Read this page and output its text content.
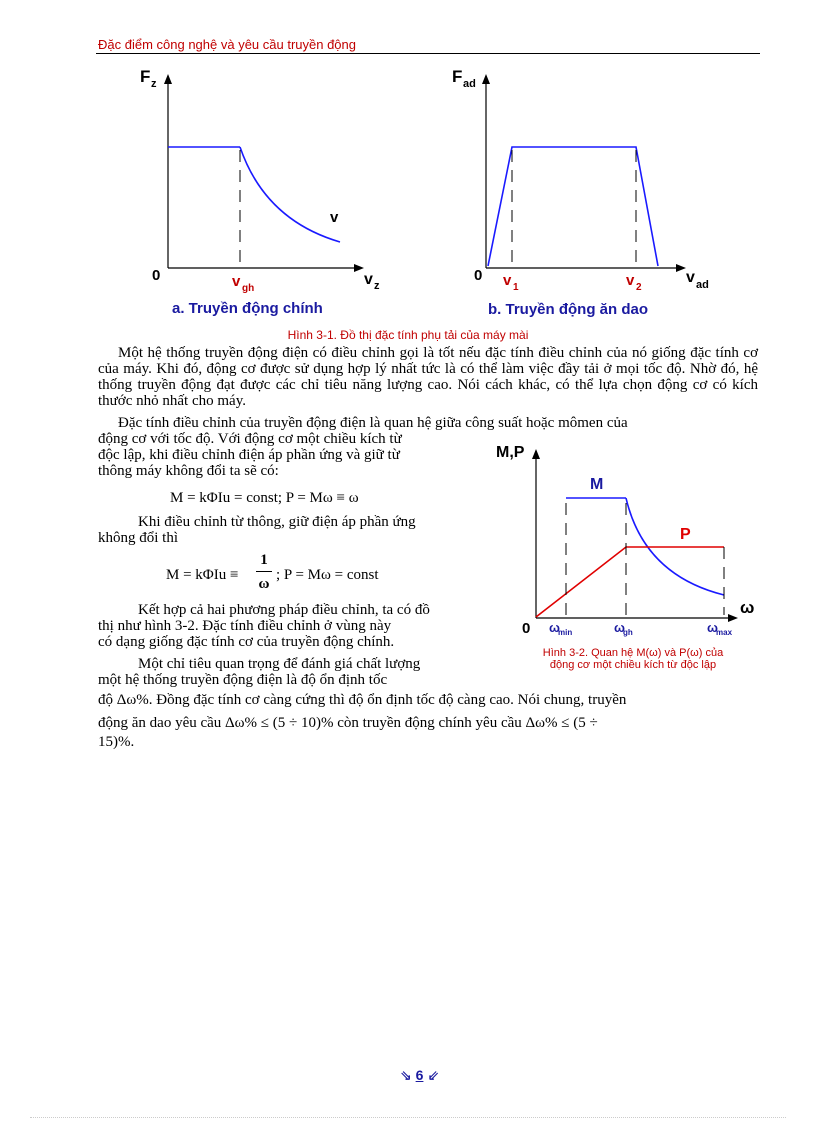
Đặc điểm công nghệ và yêu cầu truyền động
F z
v
0	v gh
v z
a. Truyền động chính
F ad
0 v 1	v 2
v ad
b. Truyền động ăn dao
Hình 3-1. Đồ thị đặc tính phụ tải của máy mài
Một hệ thống truyền động điện có điều chỉnh gọi là tốt nếu đặc tính điều chỉnh của nó giống đặc tính cơ của máy. Khi đó, động cơ được sử dụng hợp lý nhất tức là có thể làm việc đầy tải ở mọi tốc độ. Nhờ đó, hệ thống truyền động đạt được các chỉ tiêu năng lượng cao. Nói cách khác, có thể lựa chọn động cơ có kích thước nhỏ nhất cho máy.
Đặc tính điều chỉnh của truyền động điện là quan hệ giữa công suất hoặc mômen của
động cơ với tốc độ. Với động cơ một chiều kích từ
độc lập, khi điều chỉnh điện áp phần ứng và giữ từ
thông máy không đổi ta sẽ có:
M = kΦIu = const; P = Mω ≡ ω
Khi điều chỉnh từ thông, giữ điện áp phần ứng
không đổi thì
M = kΦIu ≡
1
ω
; P = Mω = const
Kết hợp cả hai phương pháp điều chỉnh, ta có đồ
thị như hình 3-2. Đặc tính điều chỉnh ở vùng này
có dạng giống đặc tính cơ của truyền động chính.
Một chỉ tiêu quan trọng để đánh giá chất lượng
một hệ thống truyền động điện là độ ổn định tốc
độ Δω%. Đồng đặc tính cơ càng cứng thì độ ổn định tốc độ càng cao. Nói chung, truyền
động ăn dao yêu cầu Δω% ≤ (5 ÷ 10)% còn truyền động chính yêu cầu Δω% ≤ (5 ÷
15)%.
M,P
M
P
0
ω
ω
min	ω
gh	ω
max
Hình 3-2. Quan hệ M(ω) và P(ω) của
động cơ một chiều kích từ độc lập
⇘ 6 ⇙
